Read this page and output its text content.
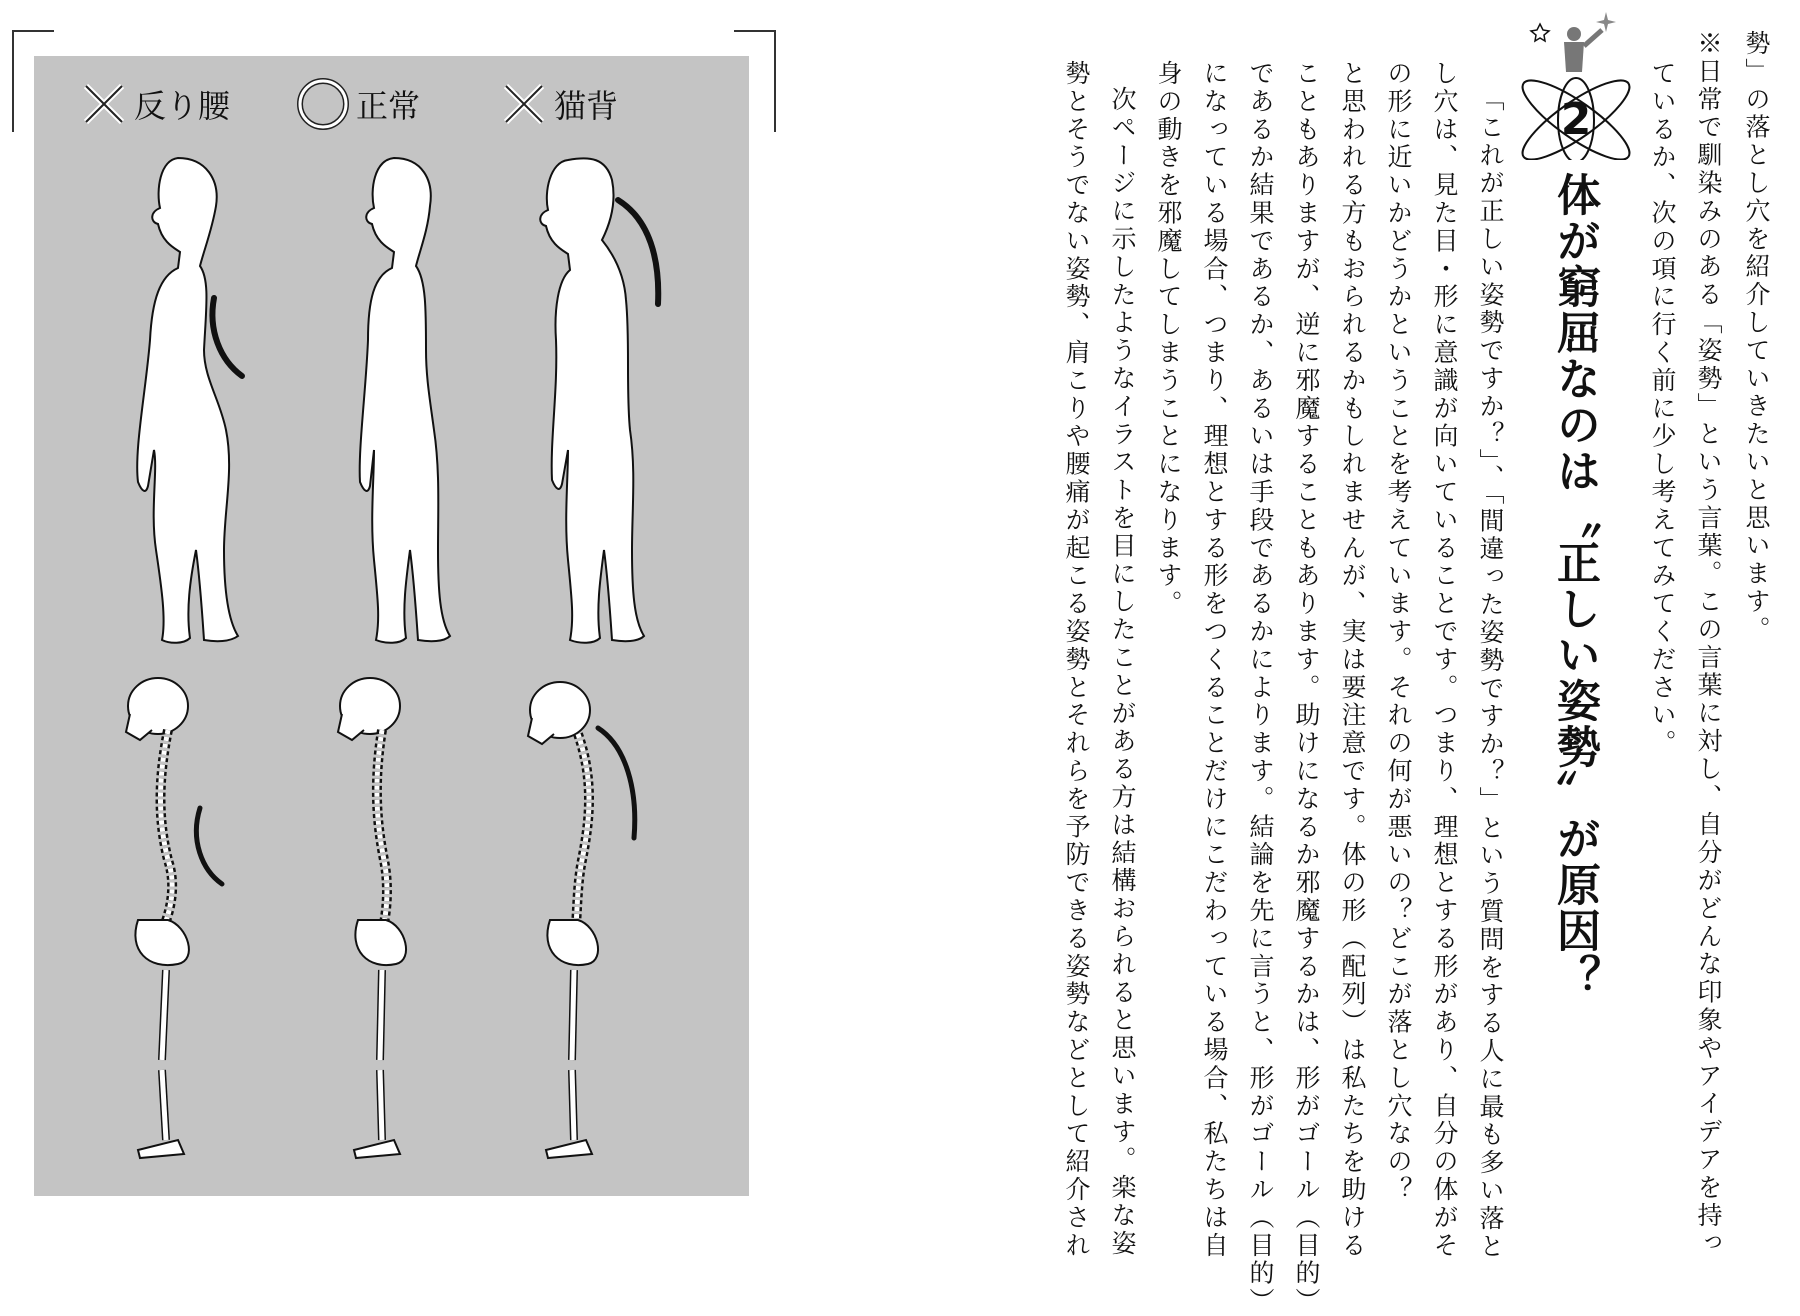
反り腰	正常	猫背	2
体が窮屈なのは〝正しい姿勢〟が原因？	勢」の落とし穴を紹介していきたいと思います。
※日常で馴染みのある「姿勢」という言葉。この言葉に対し、自分がどんな印象やアイデアを持っ
ているか、次の項に行く前に少し考えてみてください。
「これが正しい姿勢ですか？」、「間違った姿勢ですか？」という質問をする人に最も多い落と
し穴は、見た目・形に意識が向いていることです。つまり、理想とする形があり、自分の体がそ
の形に近いかどうかということを考えています。それの何が悪いの？どこが落とし穴なの？
と思われる方もおられるかもしれませんが、実は要注意です。体の形（配列）は私たちを助ける
こともありますが、逆に邪魔することもあります。助けになるか邪魔するかは、形がゴール（目的）
であるか結果であるか、あるいは手段であるかによります。結論を先に言うと、形がゴール（目的）
になっている場合、つまり、理想とする形をつくることだけにこだわっている場合、私たちは自
身の動きを邪魔してしまうことになります。
次ページに示したようなイラストを目にしたことがある方は結構おられると思います。楽な姿
勢とそうでない姿勢、肩こりや腰痛が起こる姿勢とそれらを予防できる姿勢などとして紹介され
